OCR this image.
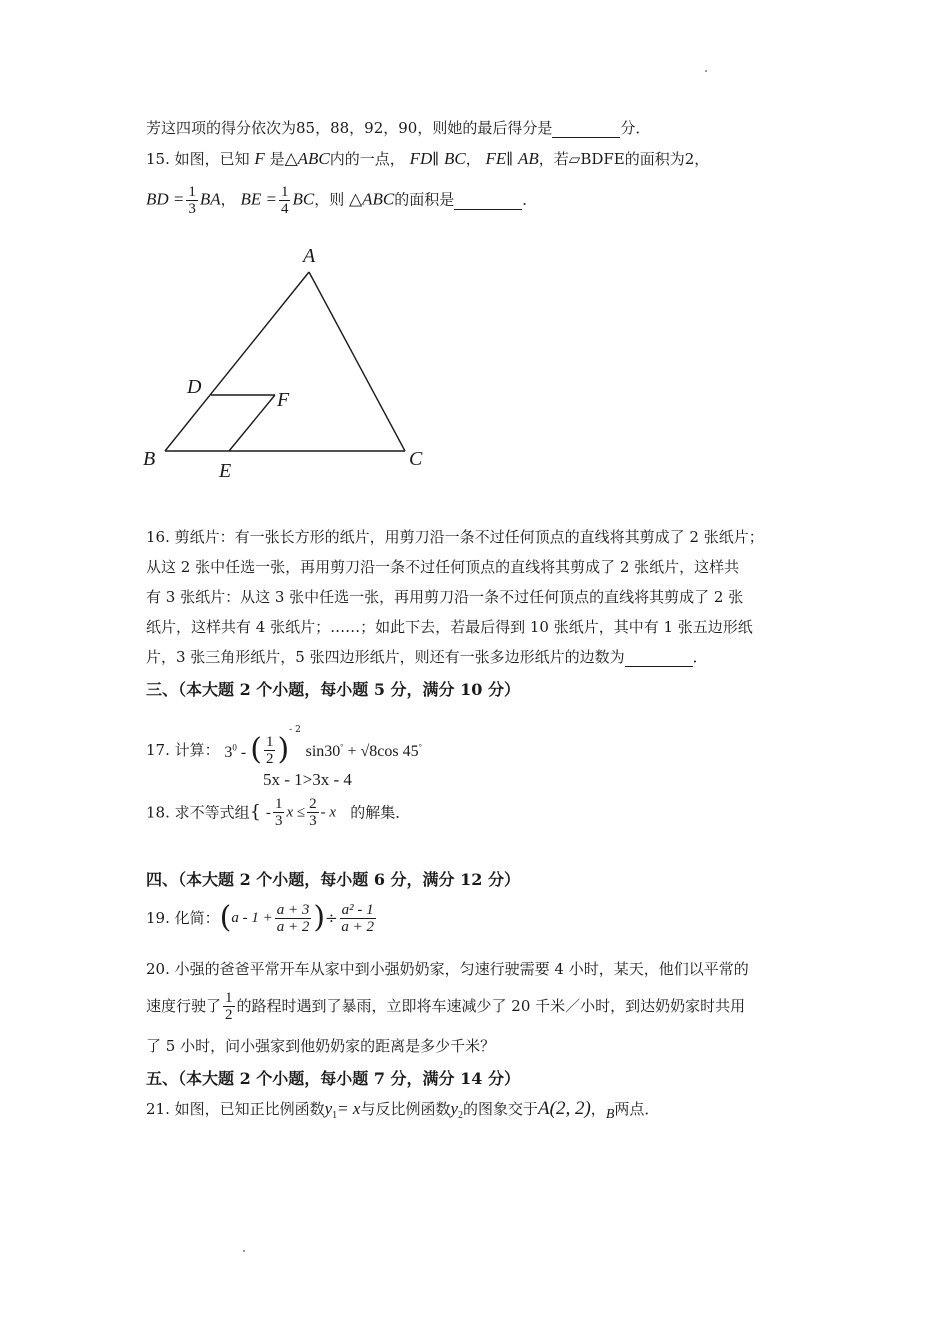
芳这四项的得分依次为85，88，92，90，则她的最后得分是	分．
15. 如图，已知 F 是△ABC内的一点， FD∥ BC， FE∥ AB，若▱BDFE的面积为2，
BD = $\frac{1}{3}$ BA， BE = $\frac{1}{4}$ BC，则 △ABC的面积是	．
A
B	C
D
E
F
16. 剪纸片：有一张长方形的纸片，用剪刀沿一条不过任何顶点的直线将其剪成了 2 张纸片；
从这 2 张中任选一张，再用剪刀沿一条不过任何顶点的直线将其剪成了 2 张纸片，这样共
有 3 张纸片：从这 3 张中任选一张，再用剪刀沿一条不过任何顶点的直线将其剪成了 2 张
纸片，这样共有 4 张纸片；……；如此下去，若最后得到 10 张纸片，其中有 1 张五边形纸
片，3 张三角形纸片，5 张四边形纸片，则还有一张多边形纸片的边数为	．
三、（本大题 2 个小题，每小题 5 分，满分 10 分）
17. 计算： $3^0$ - ( $\frac{1}{2} )^{- 2}$ sin30° + √8cos 45°
5x - 1>3x - 4
18. 求不等式组{ - $\frac{1}{3}$ $x \le \frac{2}{3} - x$ 的解集．
四、（本大题 2 个小题，每小题 6 分，满分 12 分）
19. 化简：($a - 1 + \frac{a + 3}{a + 2}$ )÷ $\frac{\text{a² - 1}}{a + 2}$
20. 小强的爸爸平常开车从家中到小强奶奶家，匀速行驶需要 4 小时，某天，他们以平常的
速度行驶了 $\frac{1}{2}$ 的路程时遇到了暴雨，立即将车速减少了 20 千米／小时，到达奶奶家时共用
了 5 小时，问小强家到他奶奶家的距离是多少千米？
五、（本大题 2 个小题，每小题 7 分，满分 14 分）
21. 如图，已知正比例函数$y_1= x$与反比例函数$y_2$的图象交于A(2, 2)，$_B$两点．
